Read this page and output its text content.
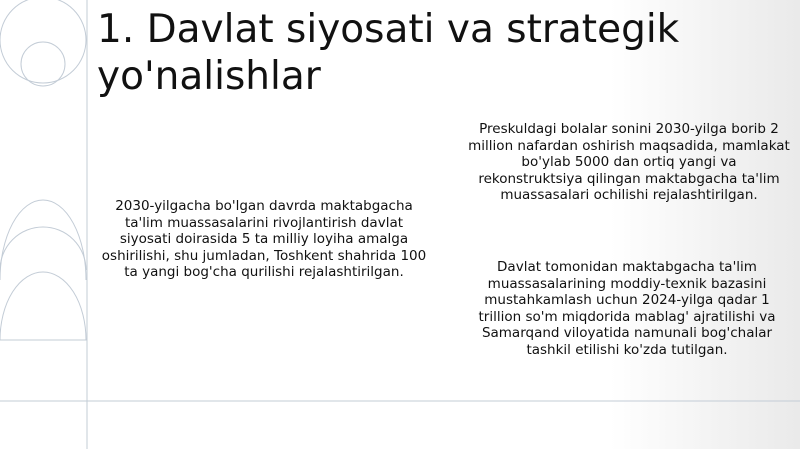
1. Davlat siyosati va strategik yo'nalishlar

2030-yilgacha bo'lgan davrda maktabgacha ta'lim muassasalarini rivojlantirish davlat siyosati doirasida 5 ta milliy loyiha amalga oshirilishi, shu jumladan, Toshkent shahrida 100 ta yangi bog'cha qurilishi rejalashtirilgan.

Preskuldagi bolalar sonini 2030-yilga borib 2 million nafardan oshirish maqsadida, mamlakat bo'ylab 5000 dan ortiq yangi va rekonstruktsiya qilingan maktabgacha ta'lim muassasalari ochilishi rejalashtirilgan.

Davlat tomonidan maktabgacha ta'lim muassasalarining moddiy-texnik bazasini mustahkamlash uchun 2024-yilga qadar 1 trillion so'm miqdorida mablag' ajratilishi va Samarqand viloyatida namunali bog'chalar tashkil etilishi ko'zda tutilgan.
